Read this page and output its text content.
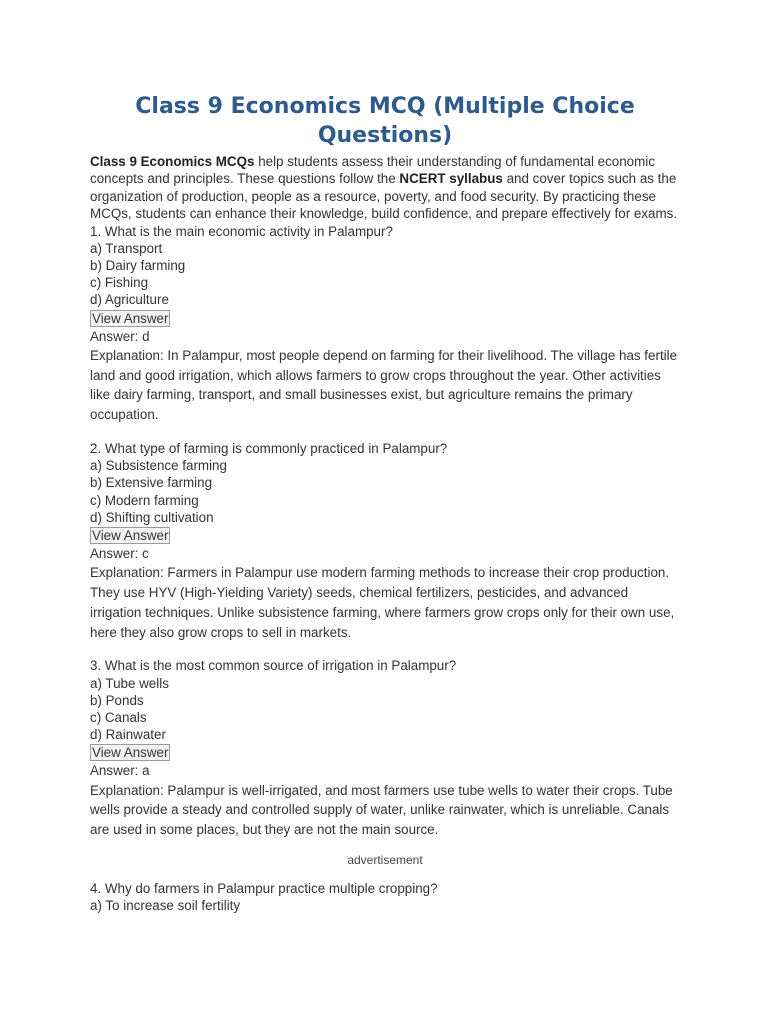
Class 9 Economics MCQ (Multiple Choice Questions)

Class 9 Economics MCQs help students assess their understanding of fundamental economic concepts and principles. These questions follow the NCERT syllabus and cover topics such as the organization of production, people as a resource, poverty, and food security. By practicing these MCQs, students can enhance their knowledge, build confidence, and prepare effectively for exams.

1. What is the main economic activity in Palampur?

a) Transport

b) Dairy farming

c) Fishing

d) Agriculture

View Answer

Answer: d

Explanation: In Palampur, most people depend on farming for their livelihood. The village has fertile land and good irrigation, which allows farmers to grow crops throughout the year. Other activities like dairy farming, transport, and small businesses exist, but agriculture remains the primary occupation.

2. What type of farming is commonly practiced in Palampur?

a) Subsistence farming

b) Extensive farming

c) Modern farming

d) Shifting cultivation

View Answer

Answer: c

Explanation: Farmers in Palampur use modern farming methods to increase their crop production. They use HYV (High-Yielding Variety) seeds, chemical fertilizers, pesticides, and advanced irrigation techniques. Unlike subsistence farming, where farmers grow crops only for their own use, here they also grow crops to sell in markets.

3. What is the most common source of irrigation in Palampur?

a) Tube wells

b) Ponds

c) Canals

d) Rainwater

View Answer

Answer: a

Explanation: Palampur is well-irrigated, and most farmers use tube wells to water their crops. Tube wells provide a steady and controlled supply of water, unlike rainwater, which is unreliable. Canals are used in some places, but they are not the main source.

advertisement

4. Why do farmers in Palampur practice multiple cropping?

a) To increase soil fertility
